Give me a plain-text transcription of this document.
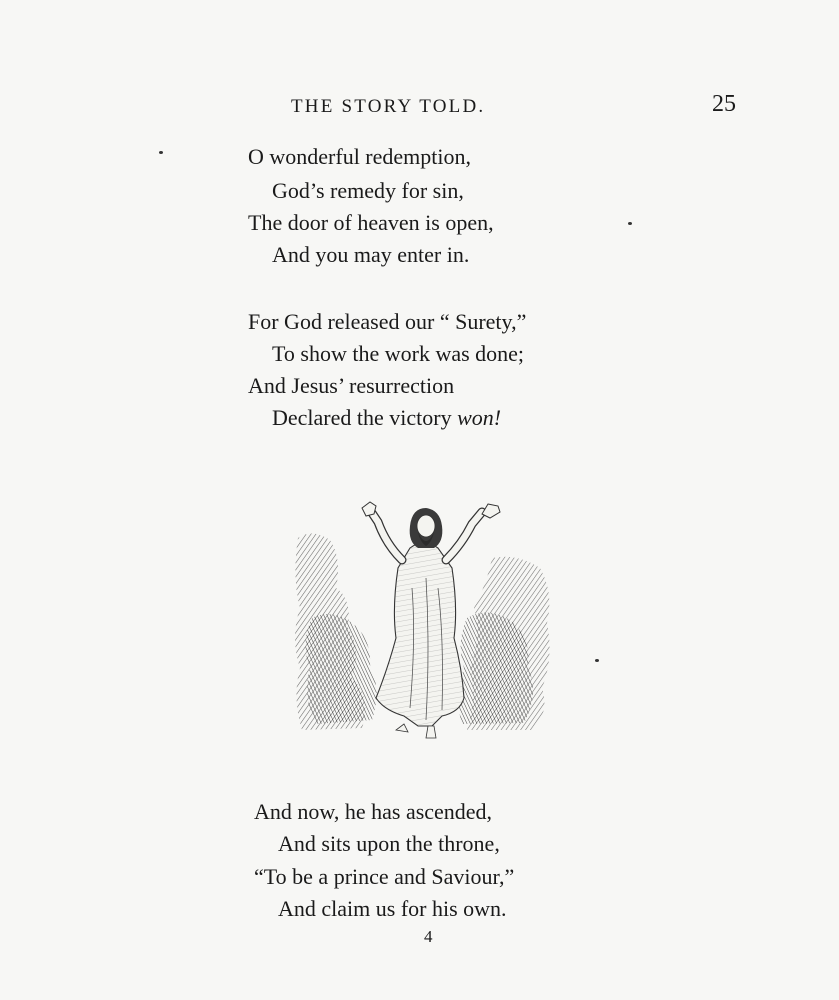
THE STORY TOLD.	25
O wonderful redemption,
God’s remedy for sin,
The door of heaven is open,
And you may enter in.
For God released our “ Surety,”
To show the work was done;
And Jesus’ resurrection
Declared the victory won!
And now, he has ascended,
And sits upon the throne,
“To be a prince and Saviour,”
And claim us for his own.
4
